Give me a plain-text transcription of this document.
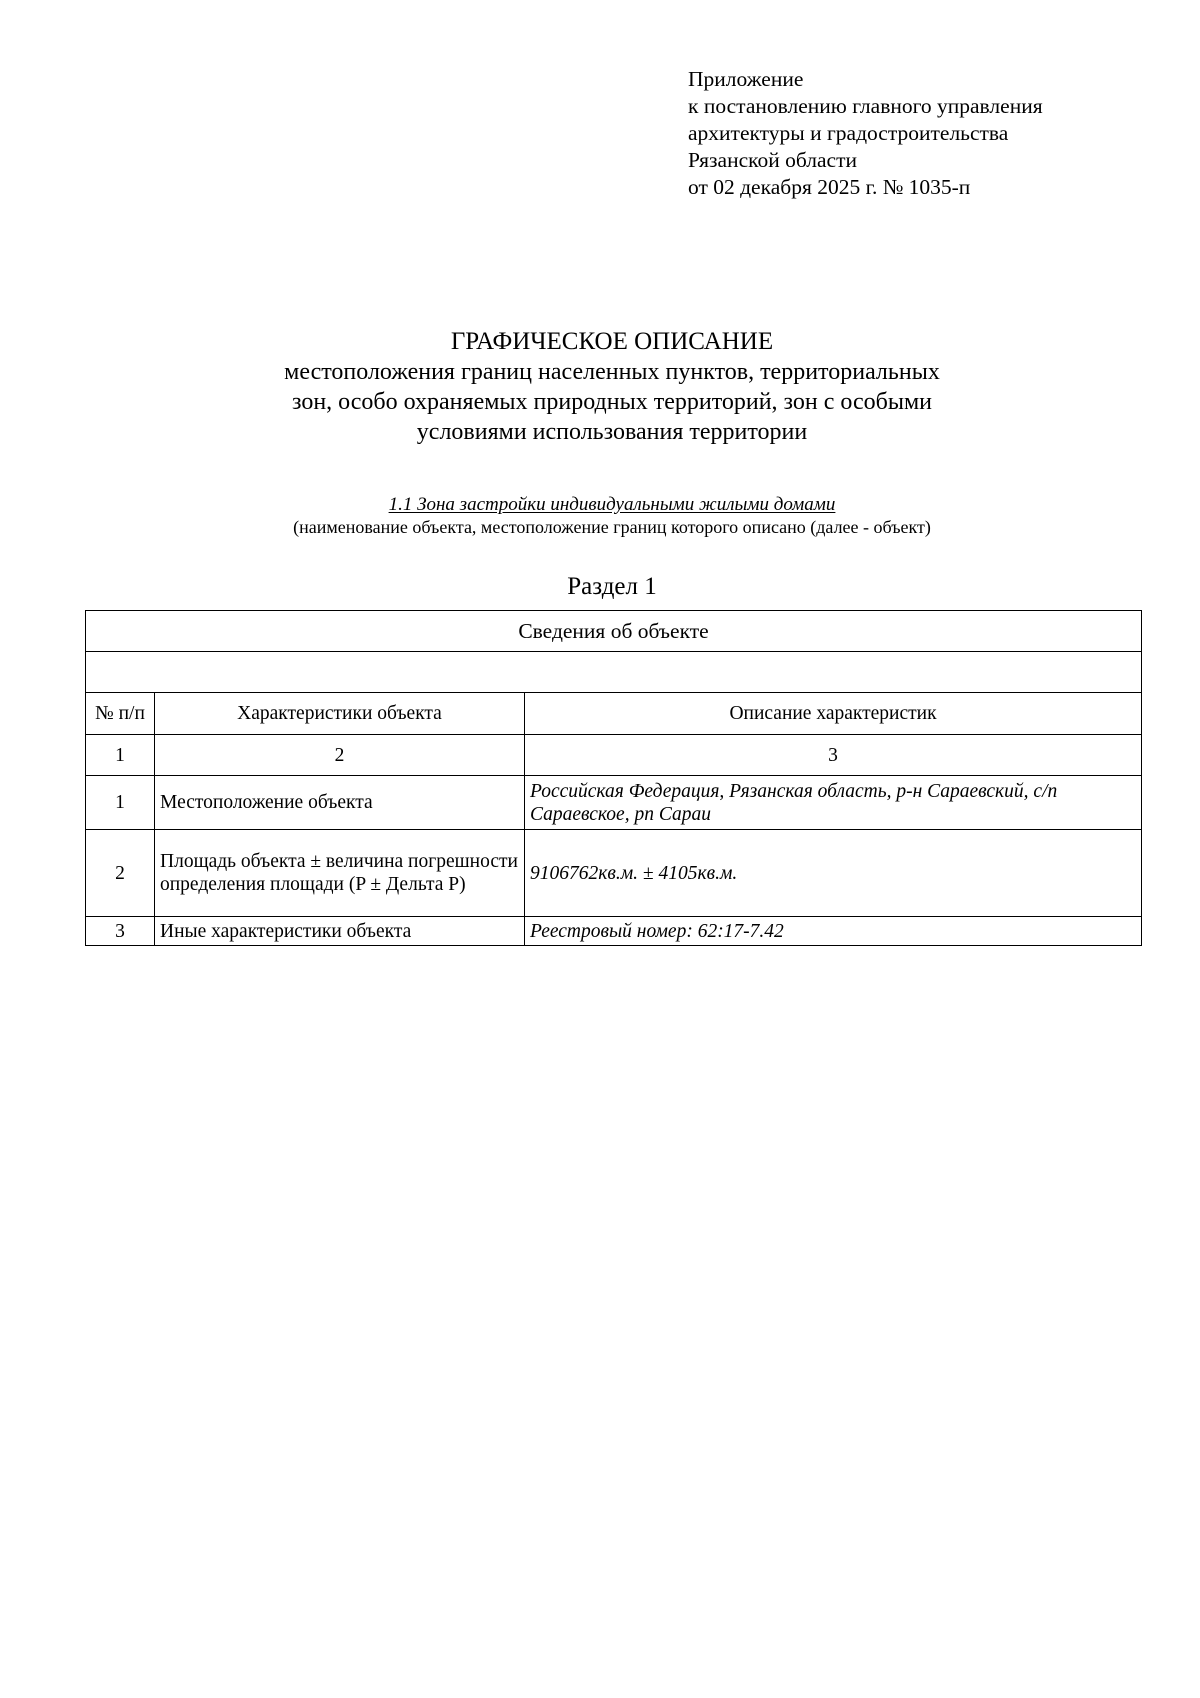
Приложение
к постановлению главного управления
архитектуры и градостроительства
Рязанской области
от 02 декабря 2025 г. № 1035-п
ГРАФИЧЕСКОЕ ОПИСАНИЕ
местоположения границ населенных пунктов, территориальных
зон, особо охраняемых природных территорий, зон с особыми
условиями использования территории
1.1 Зона застройки индивидуальными жилыми домами
(наименование объекта, местоположение границ которого описано (далее - объект)
Раздел 1
Сведения об объекте		

№ п/п	Характеристики объекта	Описание характеристик
1	2	3
1	Местоположение объекта	Российская Федерация, Рязанская область, р-н Сараевский, с/п Сараевское, рп Сараи
2	Площадь объекта ± величина погрешности определения площади (P ± Дельта P)	9106762кв.м. ± 4105кв.м.
3	Иные характеристики объекта	Реестровый номер: 62:17-7.42
